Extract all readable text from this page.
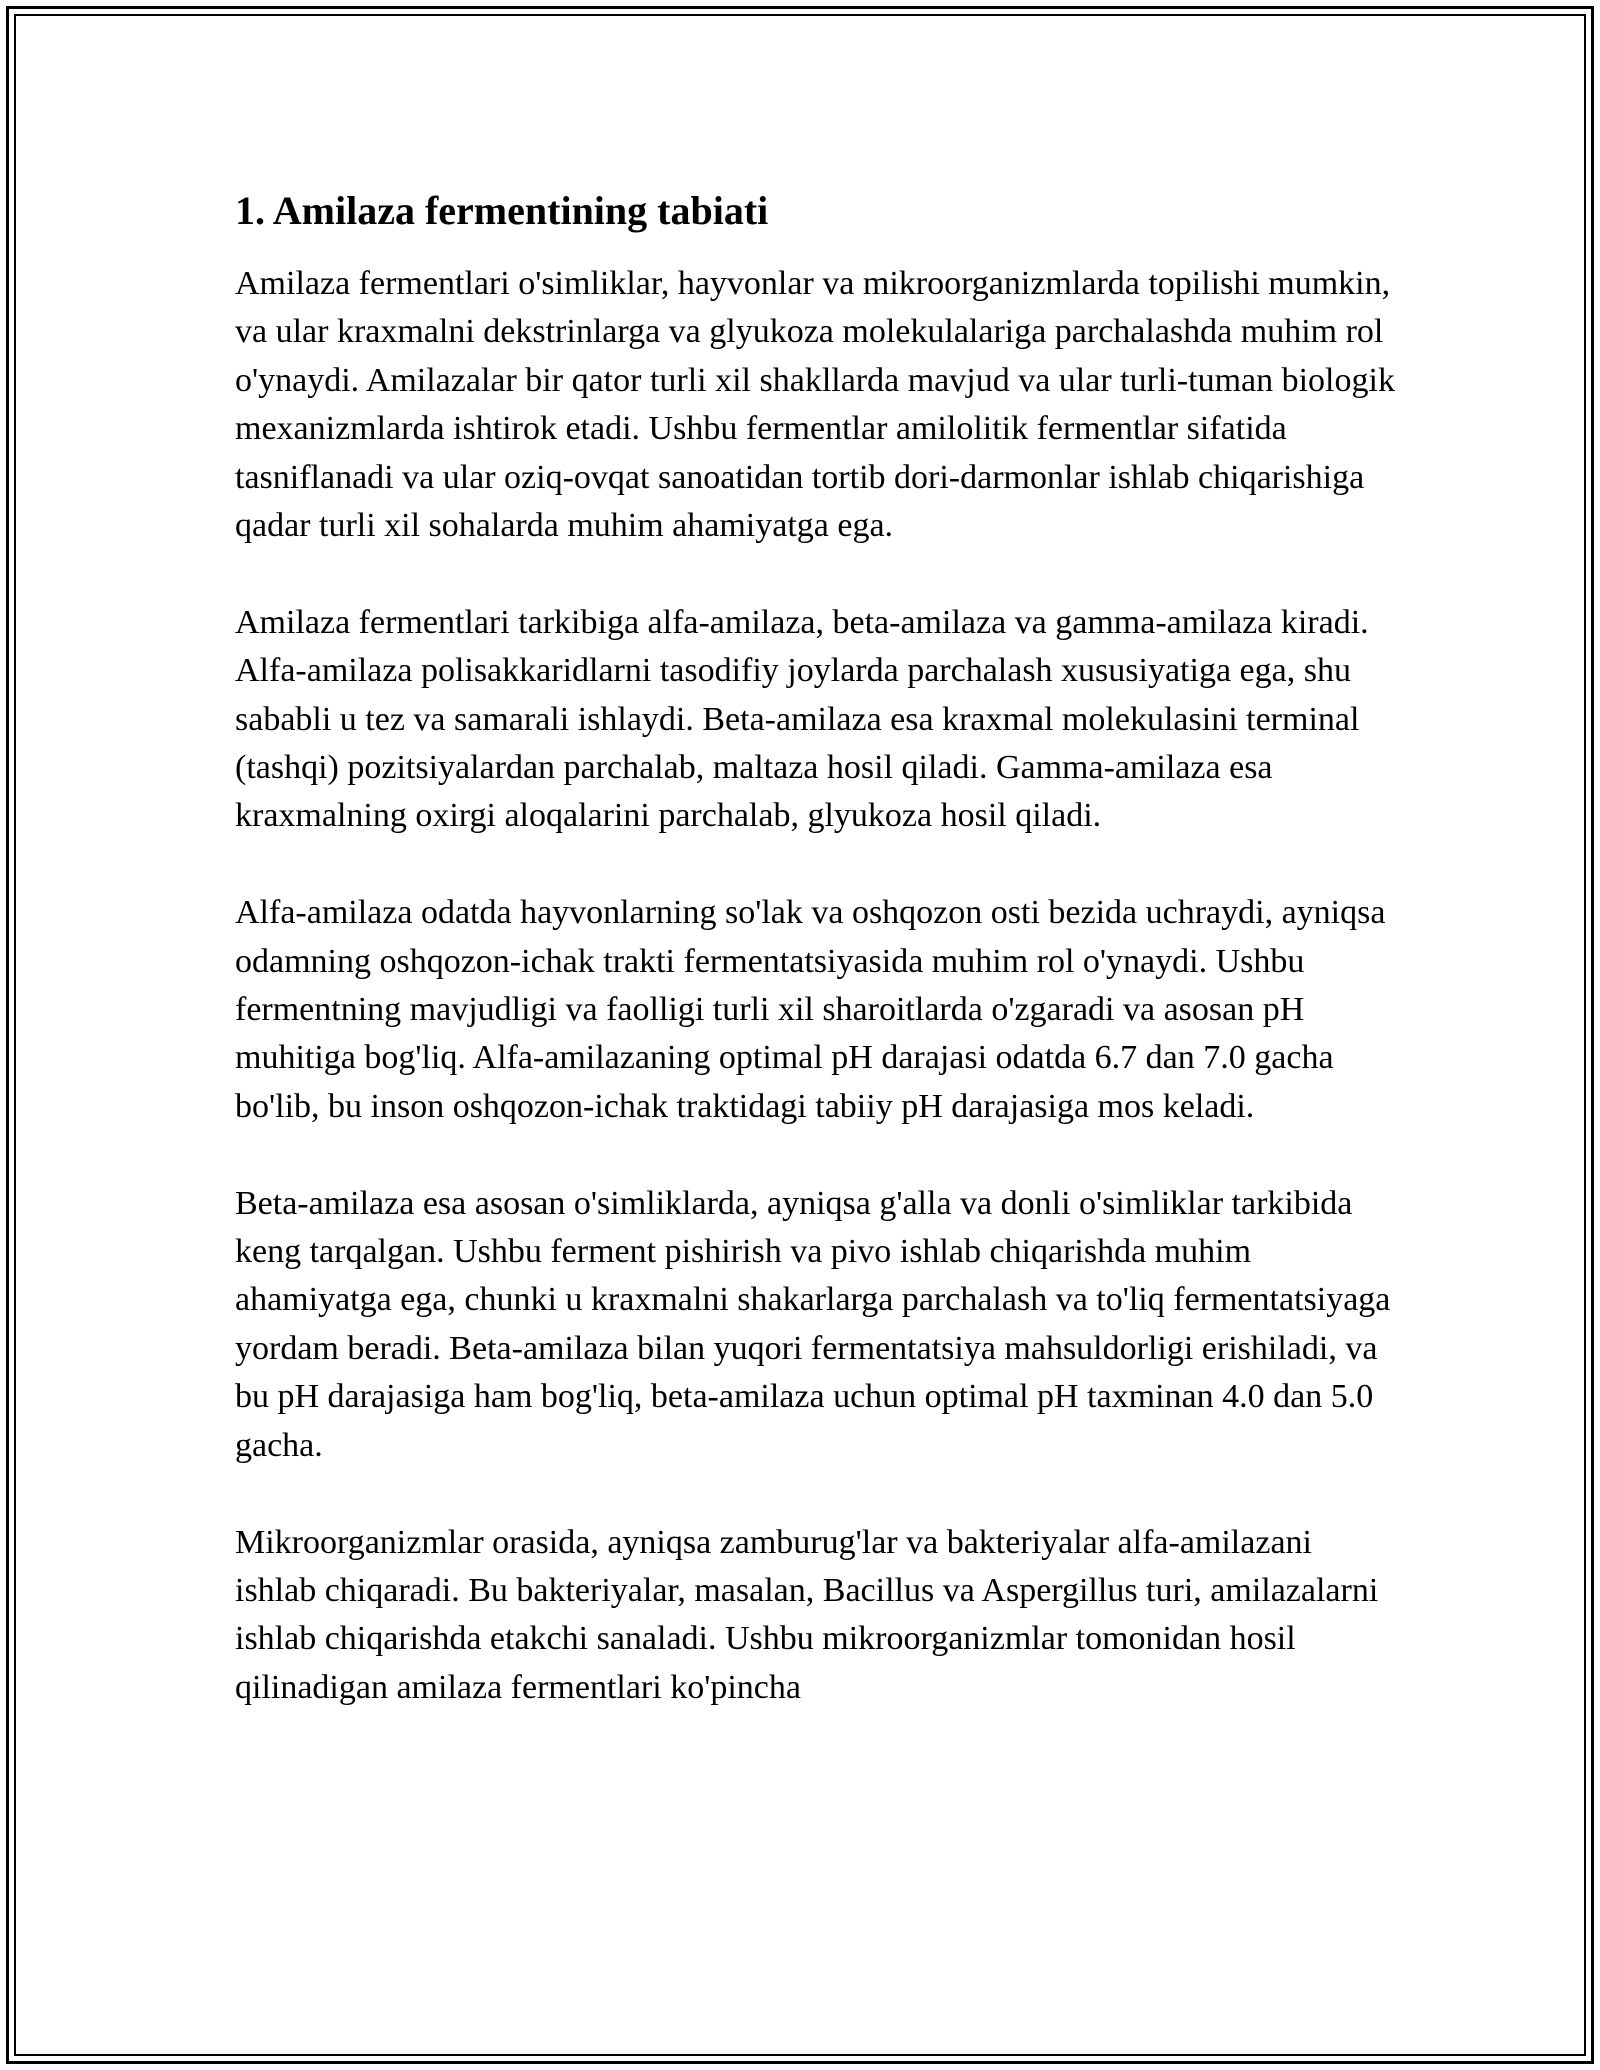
1. Amilaza fermentining tabiati

Amilaza fermentlari o'simliklar, hayvonlar va mikroorganizmlarda topilishi mumkin, va ular kraxmalni dekstrinlarga va glyukoza molekulalariga parchalashda muhim rol o'ynaydi. Amilazalar bir qator turli xil shakllarda mavjud va ular turli-tuman biologik mexanizmlarda ishtirok etadi. Ushbu fermentlar amilolitik fermentlar sifatida tasniflanadi va ular oziq-ovqat sanoatidan tortib dori-darmonlar ishlab chiqarishiga qadar turli xil sohalarda muhim ahamiyatga ega.

Amilaza fermentlari tarkibiga alfa-amilaza, beta-amilaza va gamma-amilaza kiradi. Alfa-amilaza polisakkaridlarni tasodifiy joylarda parchalash xususiyatiga ega, shu sababli u tez va samarali ishlaydi. Beta-amilaza esa kraxmal molekulasini terminal (tashqi) pozitsiyalardan parchalab, maltaza hosil qiladi. Gamma-amilaza esa kraxmalning oxirgi aloqalarini parchalab, glyukoza hosil qiladi.

Alfa-amilaza odatda hayvonlarning so'lak va oshqozon osti bezida uchraydi, ayniqsa odamning oshqozon-ichak trakti fermentatsiyasida muhim rol o'ynaydi. Ushbu fermentning mavjudligi va faolligi turli xil sharoitlarda o'zgaradi va asosan pH muhitiga bog'liq. Alfa-amilazaning optimal pH darajasi odatda 6.7 dan 7.0 gacha bo'lib, bu inson oshqozon-ichak traktidagi tabiiy pH darajasiga mos keladi.

Beta-amilaza esa asosan o'simliklarda, ayniqsa g'alla va donli o'simliklar tarkibida keng tarqalgan. Ushbu ferment pishirish va pivo ishlab chiqarishda muhim ahamiyatga ega, chunki u kraxmalni shakarlarga parchalash va to'liq fermentatsiyaga yordam beradi. Beta-amilaza bilan yuqori fermentatsiya mahsuldorligi erishiladi, va bu pH darajasiga ham bog'liq, beta-amilaza uchun optimal pH taxminan 4.0 dan 5.0 gacha.

Mikroorganizmlar orasida, ayniqsa zamburug'lar va bakteriyalar alfa-amilazani ishlab chiqaradi. Bu bakteriyalar, masalan, Bacillus va Aspergillus turi, amilazalarni ishlab chiqarishda etakchi sanaladi. Ushbu mikroorganizmlar tomonidan hosil qilinadigan amilaza fermentlari ko'pincha
